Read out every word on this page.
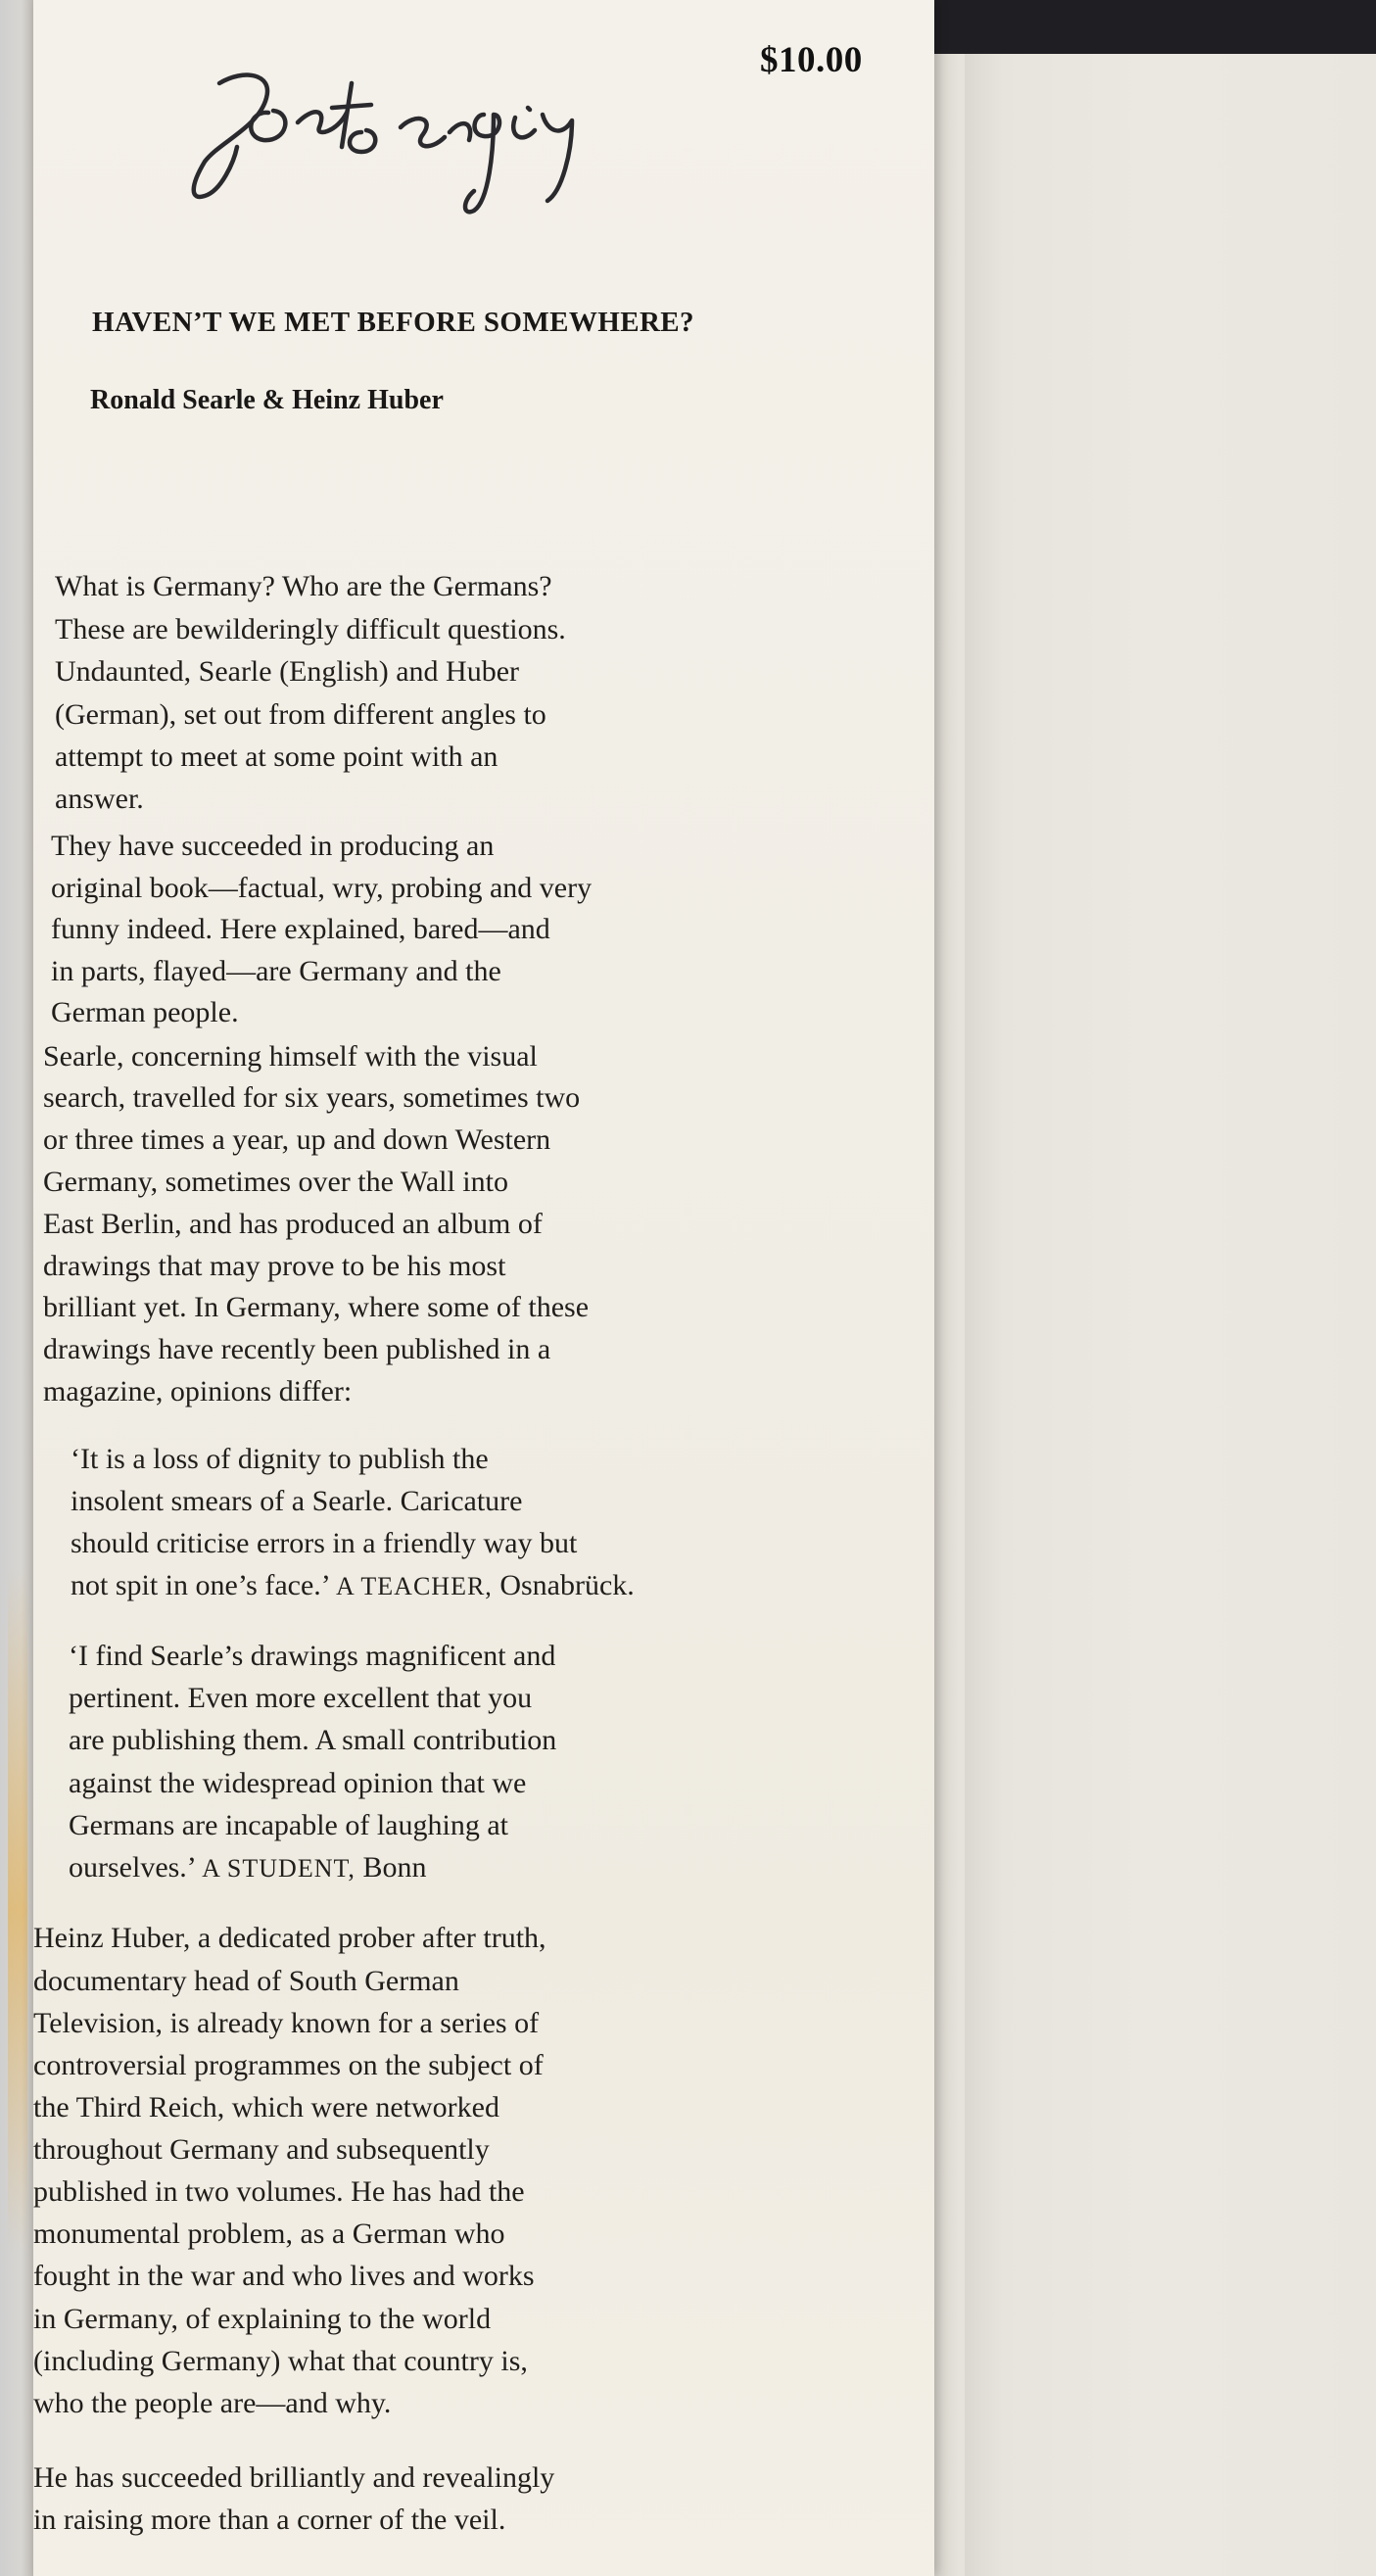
$10.00
HAVEN’T WE MET BEFORE SOMEWHERE?
Ronald Searle & Heinz Huber
What is Germany? Who are the Germans?
These are bewilderingly difficult questions.
Undaunted, Searle (English) and Huber
(German), set out from different angles to
attempt to meet at some point with an
answer.
They have succeeded in producing an
original book—factual, wry, probing and very
funny indeed. Here explained, bared—and
in parts, flayed—are Germany and the
German people.
Searle, concerning himself with the visual
search, travelled for six years, sometimes two
or three times a year, up and down Western
Germany, sometimes over the Wall into
East Berlin, and has produced an album of
drawings that may prove to be his most
brilliant yet. In Germany, where some of these
drawings have recently been published in a
magazine, opinions differ:
‘It is a loss of dignity to publish the
insolent smears of a Searle. Caricature
should criticise errors in a friendly way but
not spit in one’s face.’ A TEACHER, Osnabrück.
‘I find Searle’s drawings magnificent and
pertinent. Even more excellent that you
are publishing them. A small contribution
against the widespread opinion that we
Germans are incapable of laughing at
ourselves.’ A STUDENT, Bonn
Heinz Huber, a dedicated prober after truth,
documentary head of South German
Television, is already known for a series of
controversial programmes on the subject of
the Third Reich, which were networked
throughout Germany and subsequently
published in two volumes. He has had the
monumental problem, as a German who
fought in the war and who lives and works
in Germany, of explaining to the world
(including Germany) what that country is,
who the people are—and why.
He has succeeded brilliantly and revealingly
in raising more than a corner of the veil.
